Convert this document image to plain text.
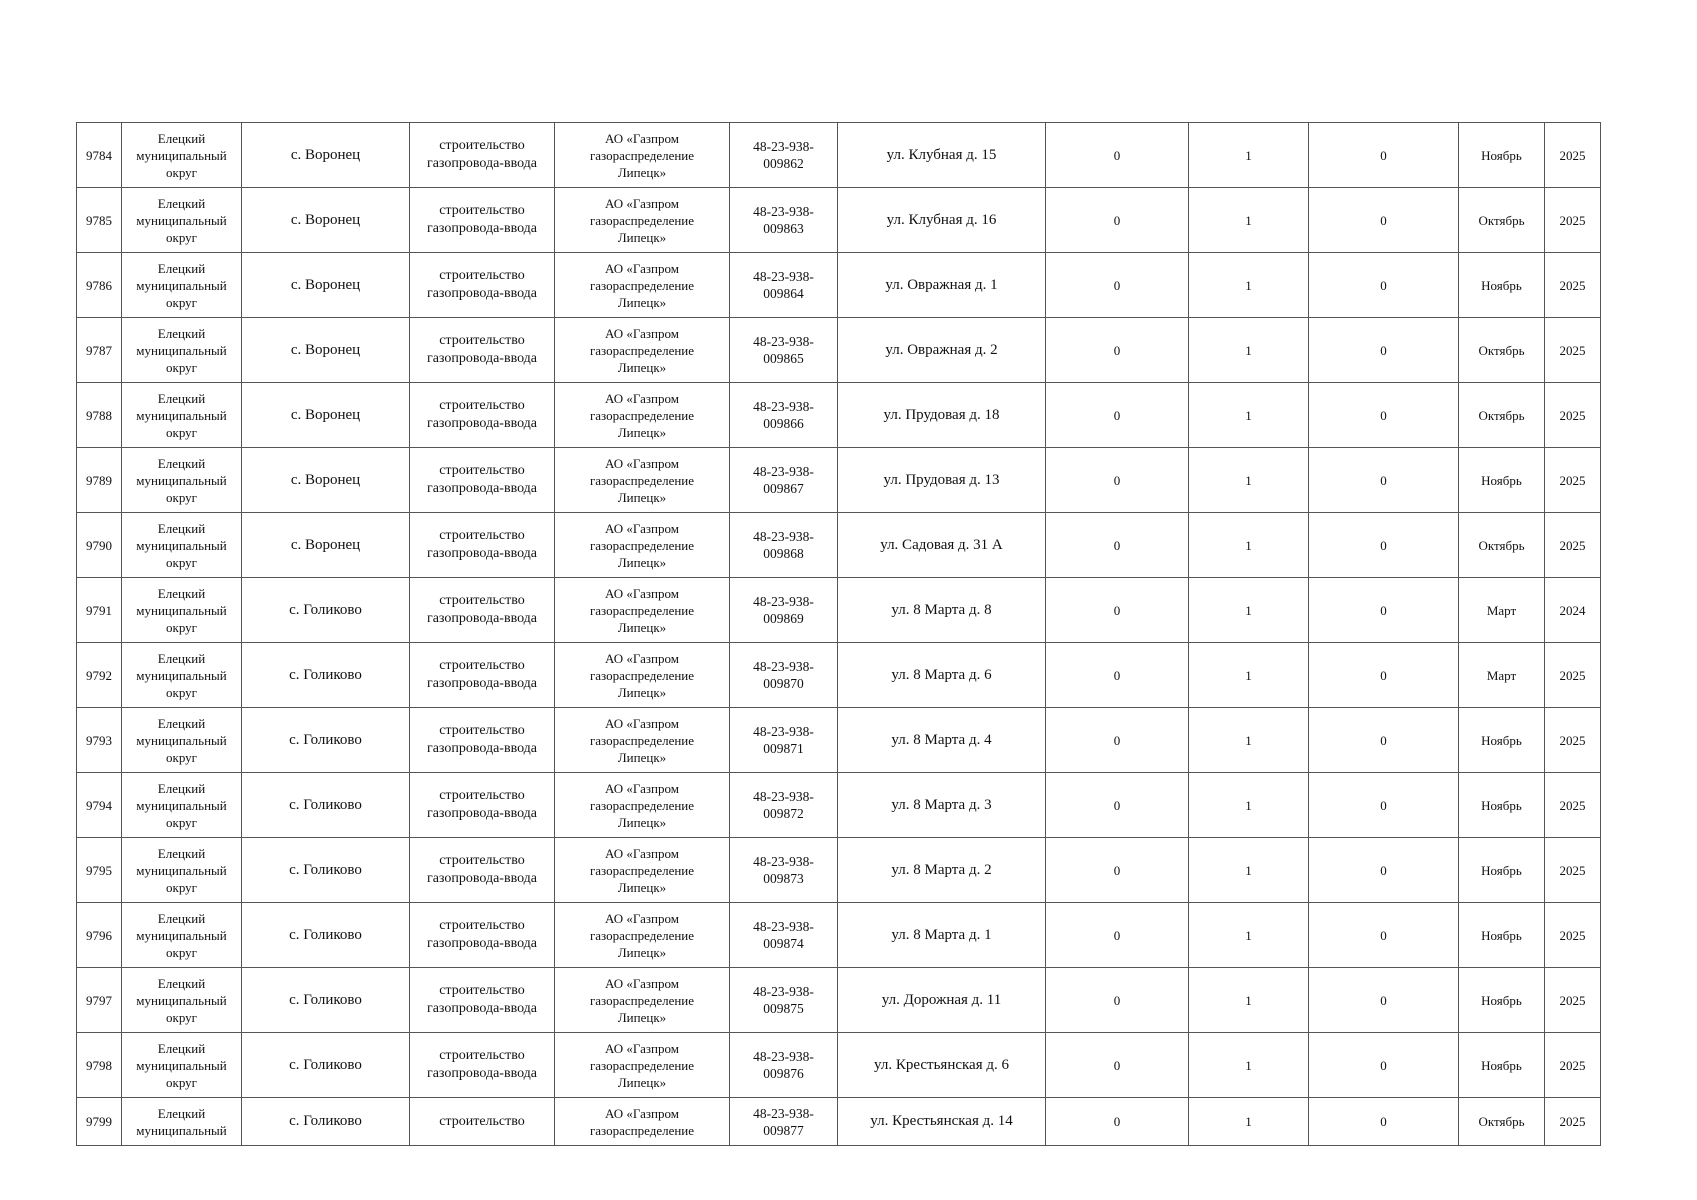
9784	Елецкий
муниципальный
округ	с. Воронец	строительство
газопровода-ввода	АО «Газпром
газораспределение
Липецк»	48-23-938-
009862	ул. Клубная д. 15	0	1	0	Ноябрь	2025
9785	Елецкий
муниципальный
округ	с. Воронец	строительство
газопровода-ввода	АО «Газпром
газораспределение
Липецк»	48-23-938-
009863	ул. Клубная д. 16	0	1	0	Октябрь	2025
9786	Елецкий
муниципальный
округ	с. Воронец	строительство
газопровода-ввода	АО «Газпром
газораспределение
Липецк»	48-23-938-
009864	ул. Овражная д. 1	0	1	0	Ноябрь	2025
9787	Елецкий
муниципальный
округ	с. Воронец	строительство
газопровода-ввода	АО «Газпром
газораспределение
Липецк»	48-23-938-
009865	ул. Овражная д. 2	0	1	0	Октябрь	2025
9788	Елецкий
муниципальный
округ	с. Воронец	строительство
газопровода-ввода	АО «Газпром
газораспределение
Липецк»	48-23-938-
009866	ул. Прудовая д. 18	0	1	0	Октябрь	2025
9789	Елецкий
муниципальный
округ	с. Воронец	строительство
газопровода-ввода	АО «Газпром
газораспределение
Липецк»	48-23-938-
009867	ул. Прудовая д. 13	0	1	0	Ноябрь	2025
9790	Елецкий
муниципальный
округ	с. Воронец	строительство
газопровода-ввода	АО «Газпром
газораспределение
Липецк»	48-23-938-
009868	ул. Садовая д. 31 А	0	1	0	Октябрь	2025
9791	Елецкий
муниципальный
округ	с. Голиково	строительство
газопровода-ввода	АО «Газпром
газораспределение
Липецк»	48-23-938-
009869	ул. 8 Марта д. 8	0	1	0	Март	2024
9792	Елецкий
муниципальный
округ	с. Голиково	строительство
газопровода-ввода	АО «Газпром
газораспределение
Липецк»	48-23-938-
009870	ул. 8 Марта д. 6	0	1	0	Март	2025
9793	Елецкий
муниципальный
округ	с. Голиково	строительство
газопровода-ввода	АО «Газпром
газораспределение
Липецк»	48-23-938-
009871	ул. 8 Марта д. 4	0	1	0	Ноябрь	2025
9794	Елецкий
муниципальный
округ	с. Голиково	строительство
газопровода-ввода	АО «Газпром
газораспределение
Липецк»	48-23-938-
009872	ул. 8 Марта д. 3	0	1	0	Ноябрь	2025
9795	Елецкий
муниципальный
округ	с. Голиково	строительство
газопровода-ввода	АО «Газпром
газораспределение
Липецк»	48-23-938-
009873	ул. 8 Марта д. 2	0	1	0	Ноябрь	2025
9796	Елецкий
муниципальный
округ	с. Голиково	строительство
газопровода-ввода	АО «Газпром
газораспределение
Липецк»	48-23-938-
009874	ул. 8 Марта д. 1	0	1	0	Ноябрь	2025
9797	Елецкий
муниципальный
округ	с. Голиково	строительство
газопровода-ввода	АО «Газпром
газораспределение
Липецк»	48-23-938-
009875	ул. Дорожная д. 11	0	1	0	Ноябрь	2025
9798	Елецкий
муниципальный
округ	с. Голиково	строительство
газопровода-ввода	АО «Газпром
газораспределение
Липецк»	48-23-938-
009876	ул. Крестьянская д. 6	0	1	0	Ноябрь	2025
9799	Елецкий
муниципальный	с. Голиково	строительство	АО «Газпром
газораспределение	48-23-938-
009877	ул. Крестьянская д. 14	0	1	0	Октябрь	2025
